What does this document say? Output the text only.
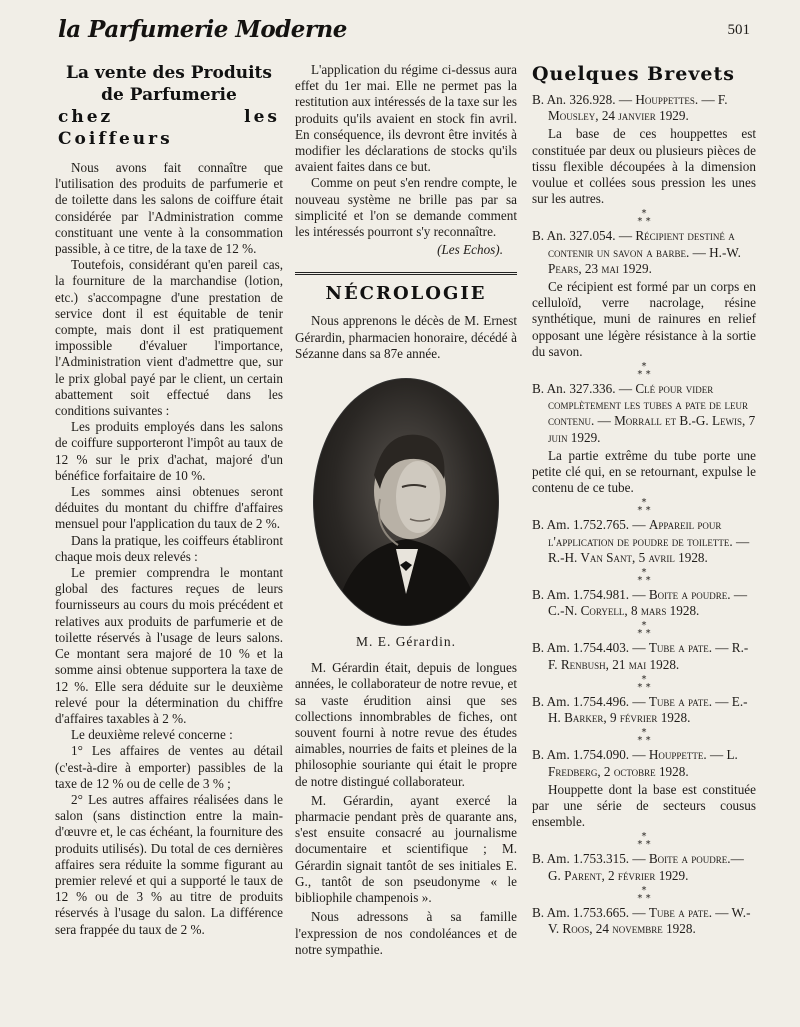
la Parfumerie Moderne	501
La vente des Produits
de Parfumerie
chez les Coiffeurs

Nous avons fait connaître que l'utilisation des produits de parfumerie et de toilette dans les salons de coiffure était considérée par l'Administration comme constituant une vente à la consommation passible, à ce titre, de la taxe de 12 %.

Toutefois, considérant qu'en pareil cas, la fourniture de la marchandise (lotion, etc.) s'accompagne d'une prestation de service dont il est équitable de tenir compte, mais dont il est pratiquement impossible d'évaluer l'importance, l'Administration vient d'admettre que, sur le prix global payé par le client, un certain abattement soit effectué dans les conditions suivantes :

Les produits employés dans les salons de coiffure supporteront l'impôt au taux de 12 % sur le prix d'achat, majoré d'un bénéfice forfaitaire de 10 %.

Les sommes ainsi obtenues seront déduites du montant du chiffre d'affaires mensuel pour l'application du taux de 2 %.

Dans la pratique, les coiffeurs établiront chaque mois deux relevés :

Le premier comprendra le montant global des factures reçues de leurs fournisseurs au cours du mois précédent et relatives aux produits de parfumerie et de toilette réservés à l'usage de leurs salons. Ce montant sera majoré de 10 % et la somme ainsi obtenue supportera la taxe de 12 %. Elle sera déduite sur le deuxième relevé pour la détermination du chiffre d'affaires taxables à 2 %.

Le deuxième relevé concerne :

1° Les affaires de ventes au détail (c'est-à-dire à emporter) passibles de la taxe de 12 % ou de celle de 3 % ;

2° Les autres affaires réalisées dans le salon (sans distinction entre la main-d'œuvre et, le cas échéant, la fourniture des produits utilisés). Du total de ces dernières affaires sera réduite la somme figurant au premier relevé et qui a supporté le taux de 12 % ou de 3 % au titre de produits réservés à l'usage du salon. La différence sera frappée du taux de 2 %.

L'application du régime ci-dessus aura effet du 1er mai. Elle ne permet pas la restitution aux intéressés de la taxe sur les produits qu'ils avaient en stock fin avril. En conséquence, ils devront être invités à modifier les déclarations de stocks qu'ils avaient faites dans ce but.

Comme on peut s'en rendre compte, le nouveau système ne brille pas par sa simplicité et l'on se demande comment les intéressés pourront s'y reconnaître.

(Les Echos).

NÉCROLOGIE

Nous apprenons le décès de M. Ernest Gérardin, pharmacien honoraire, décédé à Sézanne dans sa 87e année.

M. E. Gérardin.

M. Gérardin était, depuis de longues années, le collaborateur de notre revue, et sa vaste érudition ainsi que ses collections innombrables de fiches, ont souvent fourni à notre revue des études aimables, nourries de faits et pleines de la philosophie souriante qui était le propre de notre distingué collaborateur.

M. Gérardin, ayant exercé la pharmacie pendant près de quarante ans, s'est ensuite consacré au journalisme documentaire et scientifique ; M. Gérardin signait tantôt de ses initiales E. G., tantôt de son pseudonyme « le bibliophile champenois ».

Nous adressons à sa famille l'expression de nos condoléances et de notre sympathie.

Quelques Brevets
B. An. 326.928. — Houppettes. — F. Mousley, 24 janvier 1929.

La base de ces houppettes est constituée par deux ou plusieurs pièces de tissu flexible découpées à la dimension voulue et collées sous pression les unes sur les autres.

*
* *
B. An. 327.054. — Récipient destiné a contenir un savon a barbe. — H.-W. Pears, 23 mai 1929.

Ce récipient est formé par un corps en celluloïd, verre nacrolage, résine synthétique, muni de rainures en relief opposant une légère résistance à la sortie du savon.

*
* *
B. An. 327.336. — Clé pour vider complètement les tubes a pate de leur contenu. — Morrall et B.-G. Lewis, 7 juin 1929.

La partie extrême du tube porte une petite clé qui, en se retournant, expulse le contenu de ce tube.

*
* *
B. Am. 1.752.765. — Appareil pour l'application de poudre de toilette. — R.-H. Van Sant, 5 avril 1928.
*
* *
B. Am. 1.754.981. — Boite a poudre. — C.-N. Coryell, 8 mars 1928.
*
* *
B. Am. 1.754.403. — Tube a pate. — R.-F. Renbush, 21 mai 1928.
*
* *
B. Am. 1.754.496. — Tube a pate. — E.-H. Barker, 9 février 1928.
*
* *
B. Am. 1.754.090. — Houppette. — L. Fredberg, 2 octobre 1928.

Houppette dont la base est constituée par une série de secteurs cousus ensemble.

*
* *
B. Am. 1.753.315. — Boite a poudre.— G. Parent, 2 février 1929.
*
* *
B. Am. 1.753.665. — Tube a pate. — W.-V. Roos, 24 novembre 1928.
